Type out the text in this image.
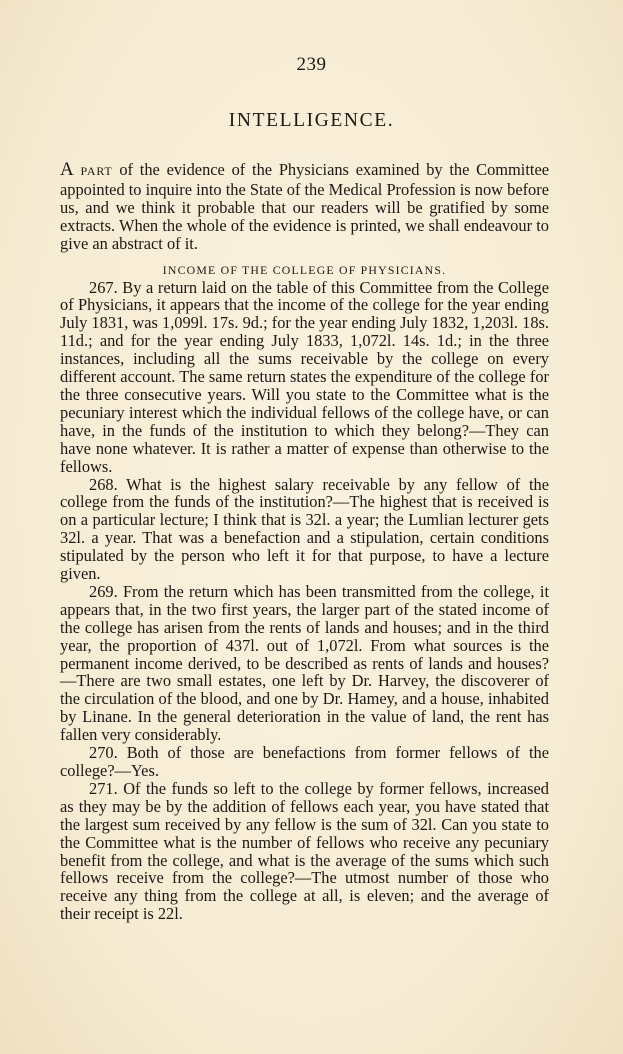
239
INTELLIGENCE.

A PART of the evidence of the Physicians examined by the Committee appointed to inquire into the State of the Medical Profession is now before us, and we think it probable that our readers will be gratified by some extracts. When the whole of the evidence is printed, we shall endeavour to give an abstract of it.

INCOME OF THE COLLEGE OF PHYSICIANS.

267. By a return laid on the table of this Committee from the College of Physicians, it appears that the income of the college for the year ending July 1831, was 1,099l. 17s. 9d.; for the year ending July 1832, 1,203l. 18s. 11d.; and for the year ending July 1833, 1,072l. 14s. 1d.; in the three instances, including all the sums receivable by the college on every different account. The same return states the expenditure of the college for the three consecutive years. Will you state to the Committee what is the pecuniary interest which the individual fellows of the college have, or can have, in the funds of the institution to which they belong?—They can have none whatever. It is rather a matter of expense than otherwise to the fellows.

268. What is the highest salary receivable by any fellow of the college from the funds of the institution?—The highest that is received is on a particular lecture; I think that is 32l. a year; the Lumlian lecturer gets 32l. a year. That was a benefaction and a stipulation, certain conditions stipulated by the person who left it for that purpose, to have a lecture given.

269. From the return which has been transmitted from the college, it appears that, in the two first years, the larger part of the stated income of the college has arisen from the rents of lands and houses; and in the third year, the proportion of 437l. out of 1,072l. From what sources is the permanent income derived, to be described as rents of lands and houses?—There are two small estates, one left by Dr. Harvey, the discoverer of the circulation of the blood, and one by Dr. Hamey, and a house, inhabited by Linane. In the general deterioration in the value of land, the rent has fallen very considerably.

270. Both of those are benefactions from former fellows of the college?—Yes.

271. Of the funds so left to the college by former fellows, increased as they may be by the addition of fellows each year, you have stated that the largest sum received by any fellow is the sum of 32l. Can you state to the Committee what is the number of fellows who receive any pecuniary benefit from the college, and what is the average of the sums which such fellows receive from the college?—The utmost number of those who receive any thing from the college at all, is eleven; and the average of their receipt is 22l.
